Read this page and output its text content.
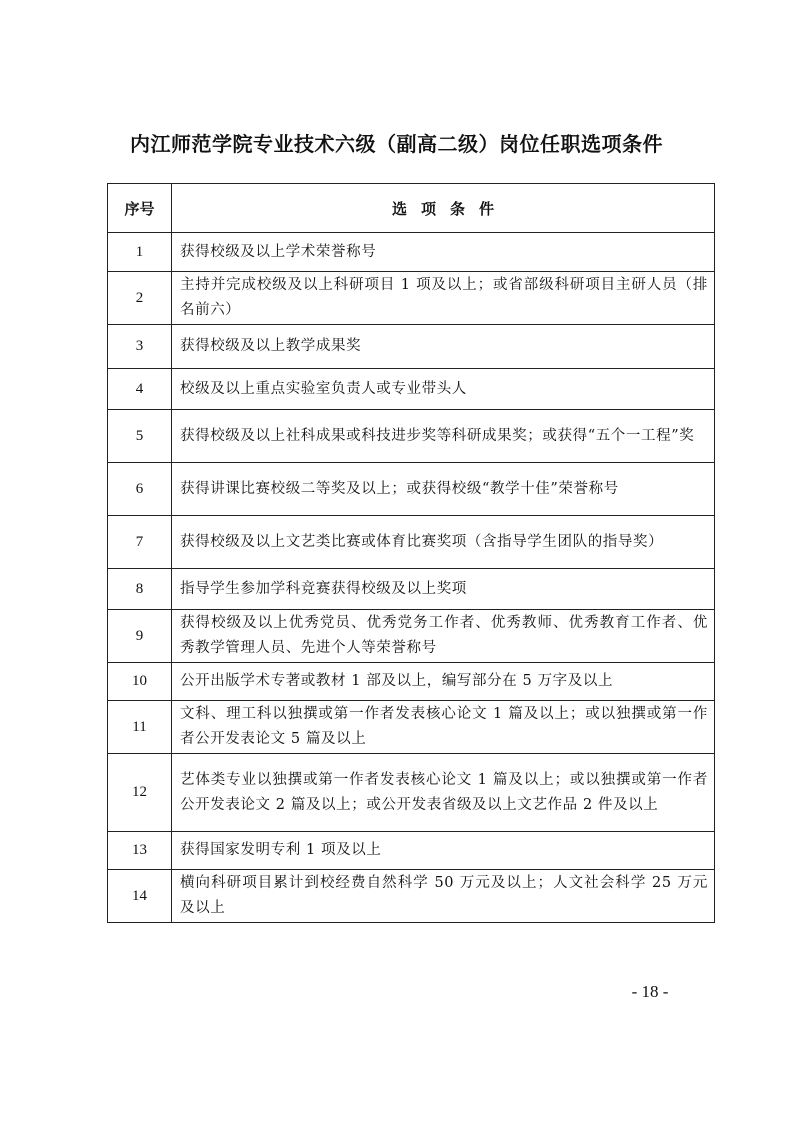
内江师范学院专业技术六级（副高二级）岗位任职选项条件
序号	选项条件
1	获得校级及以上学术荣誉称号
2	主持并完成校级及以上科研项目 1 项及以上；或省部级科研项目主研人员（排名前六）
3	获得校级及以上教学成果奖
4	校级及以上重点实验室负责人或专业带头人
5	获得校级及以上社科成果或科技进步奖等科研成果奖；或获得“五个一工程”奖
6	获得讲课比赛校级二等奖及以上；或获得校级“教学十佳”荣誉称号
7	获得校级及以上文艺类比赛或体育比赛奖项（含指导学生团队的指导奖）
8	指导学生参加学科竞赛获得校级及以上奖项
9	获得校级及以上优秀党员、优秀党务工作者、优秀教师、优秀教育工作者、优秀教学管理人员、先进个人等荣誉称号
10	公开出版学术专著或教材 1 部及以上，编写部分在 5 万字及以上
11	文科、理工科以独撰或第一作者发表核心论文 1 篇及以上；或以独撰或第一作者公开发表论文 5 篇及以上
12	艺体类专业以独撰或第一作者发表核心论文 1 篇及以上；或以独撰或第一作者公开发表论文 2 篇及以上；或公开发表省级及以上文艺作品 2 件及以上
13	获得国家发明专利 1 项及以上
14	横向科研项目累计到校经费自然科学 50 万元及以上；人文社会科学 25 万元及以上
- 18 -
